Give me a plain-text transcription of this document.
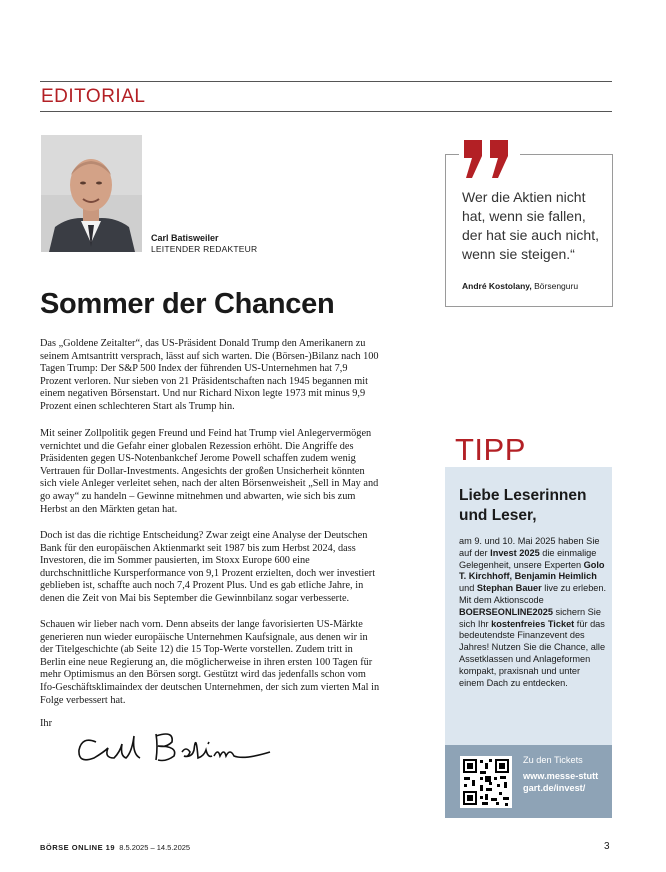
EDITORIAL
Carl Batisweiler
LEITENDER REDAKTEUR
Wer die Aktien nicht hat, wenn sie fallen, der hat sie auch nicht, wenn sie steigen.“
André Kostolany, Börsenguru
Sommer der Chancen

Das „Goldene Zeitalter“, das US-Präsident Donald Trump den Amerikanern zu seinem Amtsantritt versprach, lässt auf sich warten. Die (Börsen-)Bilanz nach 100 Tagen Trump: Der S&P 500 Index der führenden US-Unternehmen hat 7,9 Prozent verloren. Nur sieben von 21 Präsidentschaften nach 1945 begannen mit einem negativen Börsenstart. Und nur Richard Nixon legte 1973 mit minus 9,9 Prozent einen schlechteren Start als Trump hin.

Mit seiner Zollpolitik gegen Freund und Feind hat Trump viel Anlegervermögen vernichtet und die Gefahr einer globalen Rezession erhöht. Die Angriffe des Präsidenten gegen US-Notenbankchef Jerome Powell schaffen zudem wenig Vertrauen für Dollar-Investments. Angesichts der großen Unsicherheit könnten sich viele Anleger verleitet sehen, nach der alten Börsenweisheit „Sell in May and go away“ zu handeln – Gewinne mitnehmen und abwarten, wie sich bis zum Herbst an den Märkten getan hat.

Doch ist das die richtige Entscheidung? Zwar zeigt eine Analyse der Deutschen Bank für den europäischen Aktienmarkt seit 1987 bis zum Herbst 2024, dass Investoren, die im Sommer pausierten, im Stoxx Europe 600 eine durchschnittliche Kursperformance von 9,1 Prozent erzielten, doch wer investiert geblieben ist, schaffte auch noch 7,4 Prozent Plus. Und es gab etliche Jahre, in denen die Zeit von Mai bis September die Gewinnbilanz sogar verbesserte.

Schauen wir lieber nach vorn. Denn abseits der lange favorisierten US-Märkte generieren nun wieder europäische Unternehmen Kaufsignale, aus denen wir in der Titelgeschichte (ab Seite 12) die 15 Top-Werte vorstellen. Zudem tritt in Berlin eine neue Regierung an, die möglicherweise in ihren ersten 100 Tagen für mehr Optimismus an den Börsen sorgt. Gestützt wird das jedenfalls schon vom Ifo-Geschäftsklimaindex der deutschen Unternehmen, der sich zum vierten Mal in Folge verbessert hat.

Ihr
TIPP
Liebe Leserinnen und Leser,
am 9. und 10. Mai 2025 haben Sie auf der Invest 2025 die einmalige Gelegenheit, unsere Experten Golo T. Kirchhoff, Benjamin Heimlich und Stephan Bauer live zu erleben. Mit dem Aktionscode BOERSEONLINE2025 sichern Sie sich Ihr kostenfreies Ticket für das bedeutendste Finanzevent des Jahres! Nutzen Sie die Chance, alle Assetklassen und Anlageformen kompakt, praxisnah und unter einem Dach zu entdecken.
Zu den Tickets
www.messe-stuttgart.de/invest/
BÖRSE ONLINE 19 8.5.2025 – 14.5.2025	3
